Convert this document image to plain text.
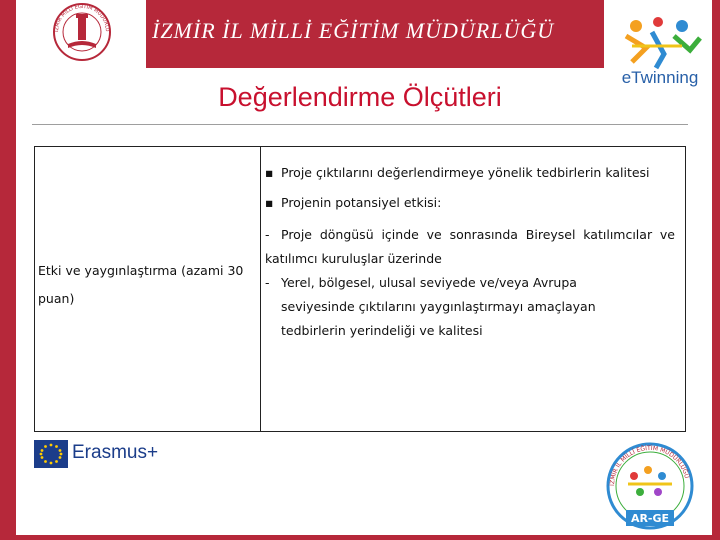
İZMİR MİLLİ EĞİTİM MÜDÜRLÜ İZMİR İL MİLLİ EĞİTİM MÜDÜRLÜĞÜ
eTwinning
Değerlendirme Ölçütleri
Etki ve yaygınlaştırma (azami 30
puan)

▪ Proje çıktılarını değerlendirmeye yönelik tedbirlerin kalitesi

▪ Projenin potansiyel etkisi:

- Proje döngüsü içinde ve sonrasında Bireysel katılımcılar ve katılımcı kuruluşlar üzerinde

- Yerel, bölgesel, ulusal seviyede ve/veya Avrupa
seviyesinde çıktılarını yaygınlaştırmayı amaçlayan
tedbirlerin yerindeliği ve kalitesi

Erasmus+
İZMİR İL MİLLİ EĞİTİM MÜDÜRLÜĞÜ
AR-GE
